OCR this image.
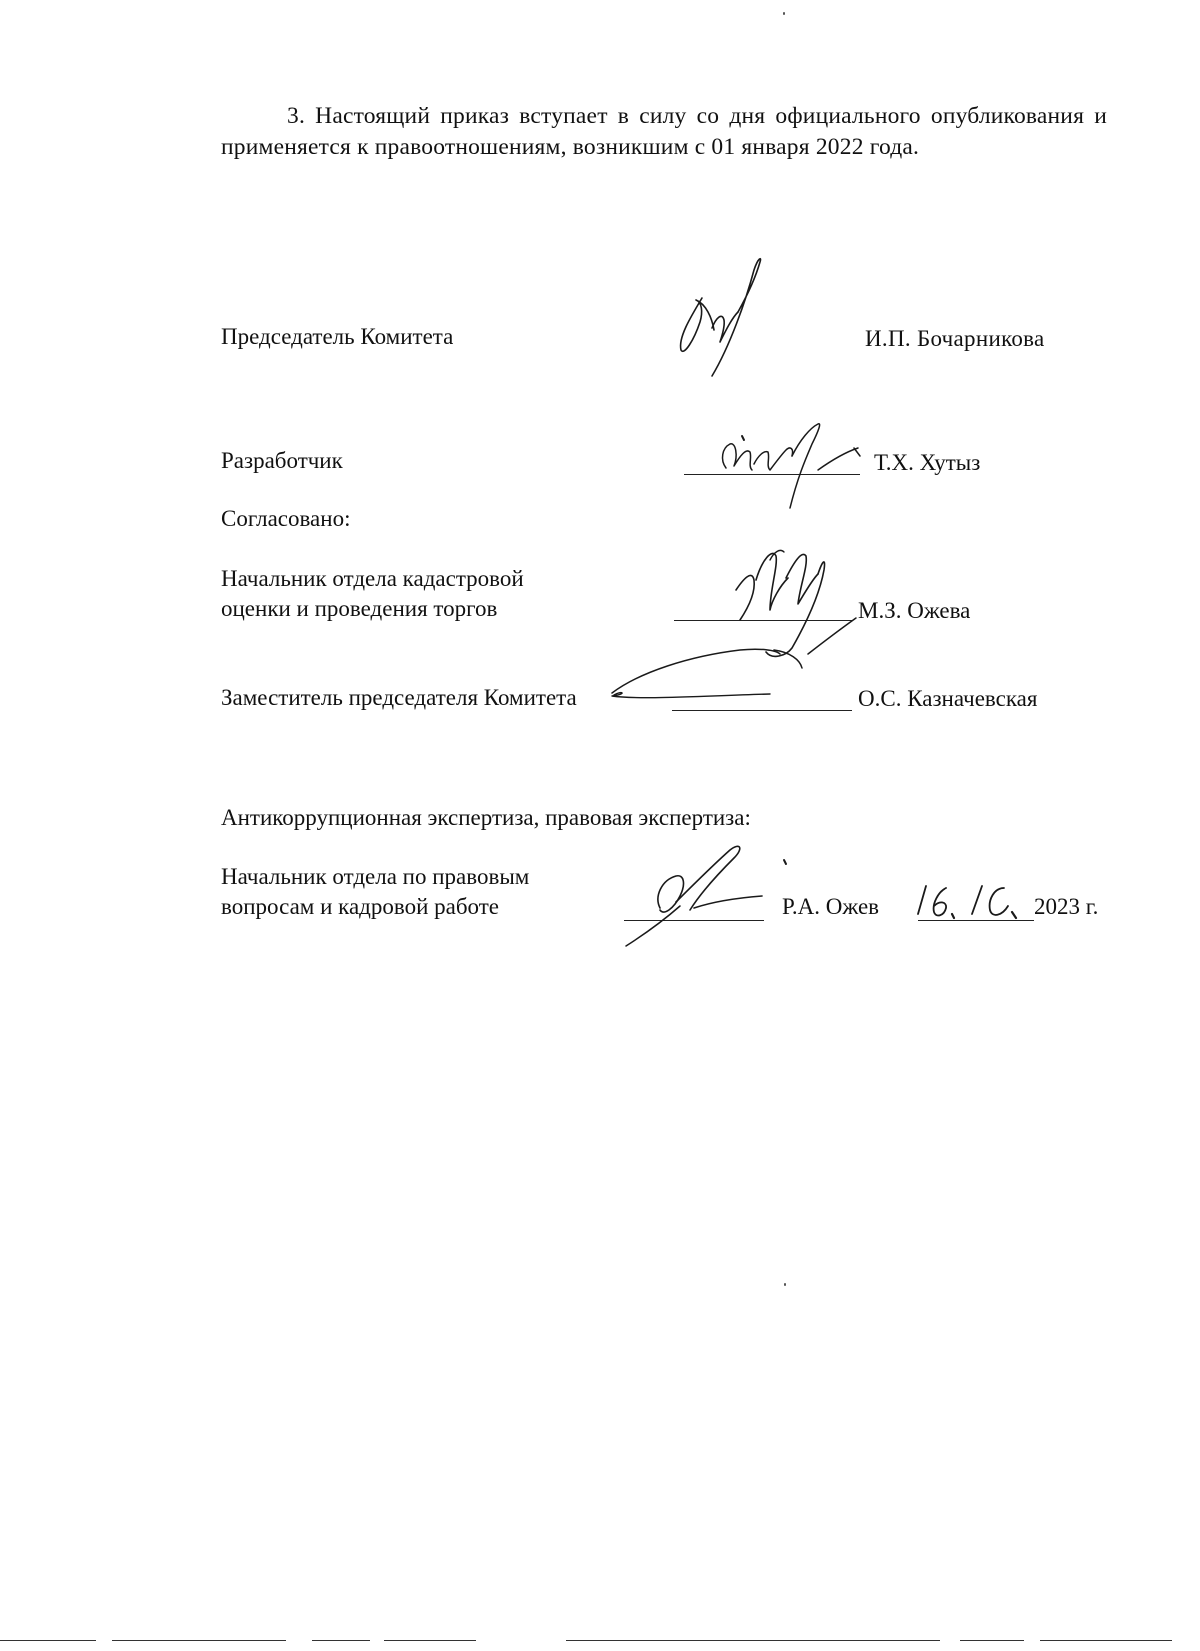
3. Настоящий приказ вступает в силу со дня официального опубликования и применяется к правоотношениям, возникшим с 01 января 2022 года.

Председатель Комитета	И.П. Бочарникова
Разработчик	Т.Х. Хутыз
Согласовано:
Начальник отдела кадастровой
оценки и проведения торгов	М.З. Ожева
Заместитель председателя Комитета	О.С. Казначевская
Антикоррупционная экспертиза, правовая экспертиза:
Начальник отдела по правовым
вопросам и кадровой работе	Р.А. Ожев	2023 г.
